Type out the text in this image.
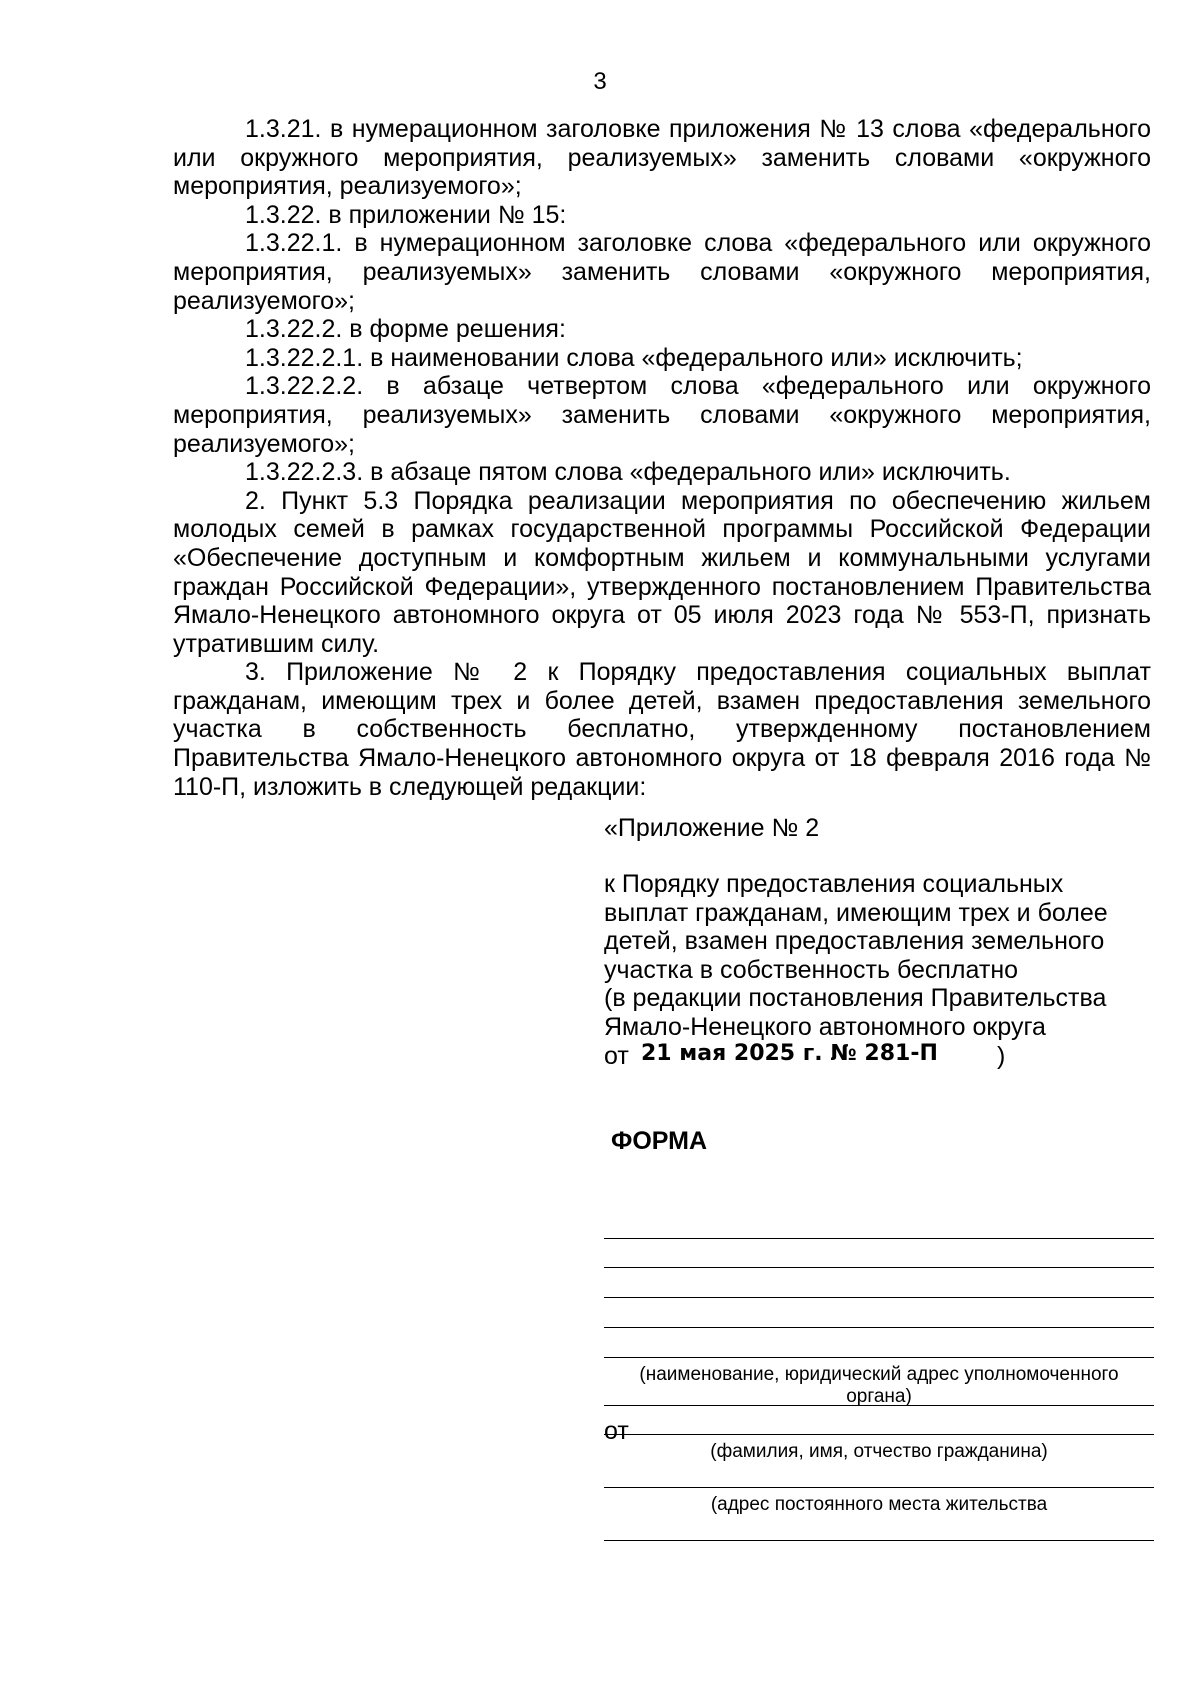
3

1.3.21. в нумерационном заголовке приложения № 13 слова «федерального или окружного мероприятия, реализуемых» заменить словами «окружного мероприятия, реализуемого»;

1.3.22. в приложении № 15:

1.3.22.1. в нумерационном заголовке слова «федерального или окружного мероприятия, реализуемых» заменить словами «окружного мероприятия, реализуемого»;

1.3.22.2. в форме решения:

1.3.22.2.1. в наименовании слова «федерального или» исключить;

1.3.22.2.2. в абзаце четвертом слова «федерального или окружного мероприятия, реализуемых» заменить словами «окружного мероприятия, реализуемого»;

1.3.22.2.3. в абзаце пятом слова «федерального или» исключить.

2. Пункт 5.3 Порядка реализации мероприятия по обеспечению жильем молодых семей в рамках государственной программы Российской Федерации «Обеспечение доступным и комфортным жильем и коммунальными услугами граждан Российской Федерации», утвержденного постановлением Правительства Ямало-Ненецкого автономного округа от 05 июля 2023 года № 553-П, признать утратившим силу.

3. Приложение № 2 к Порядку предоставления социальных выплат гражданам, имеющим трех и более детей, взамен предоставления земельного участка в собственность бесплатно, утвержденному постановлением Правительства Ямало-Ненецкого автономного округа от 18 февраля 2016 года № 110-П, изложить в следующей редакции:

«Приложение № 2
к Порядку предоставления социальных
выплат гражданам, имеющим трех и более
детей, взамен предоставления земельного
участка в собственность бесплатно
(в редакции постановления Правительства
Ямало-Ненецкого автономного округа
от 21 мая 2025 г. № 281-П )
ФОРМА
(наименование, юридический адрес уполномоченного
органа)
от
(фамилия, имя, отчество гражданина)
(адрес постоянного места жительства
